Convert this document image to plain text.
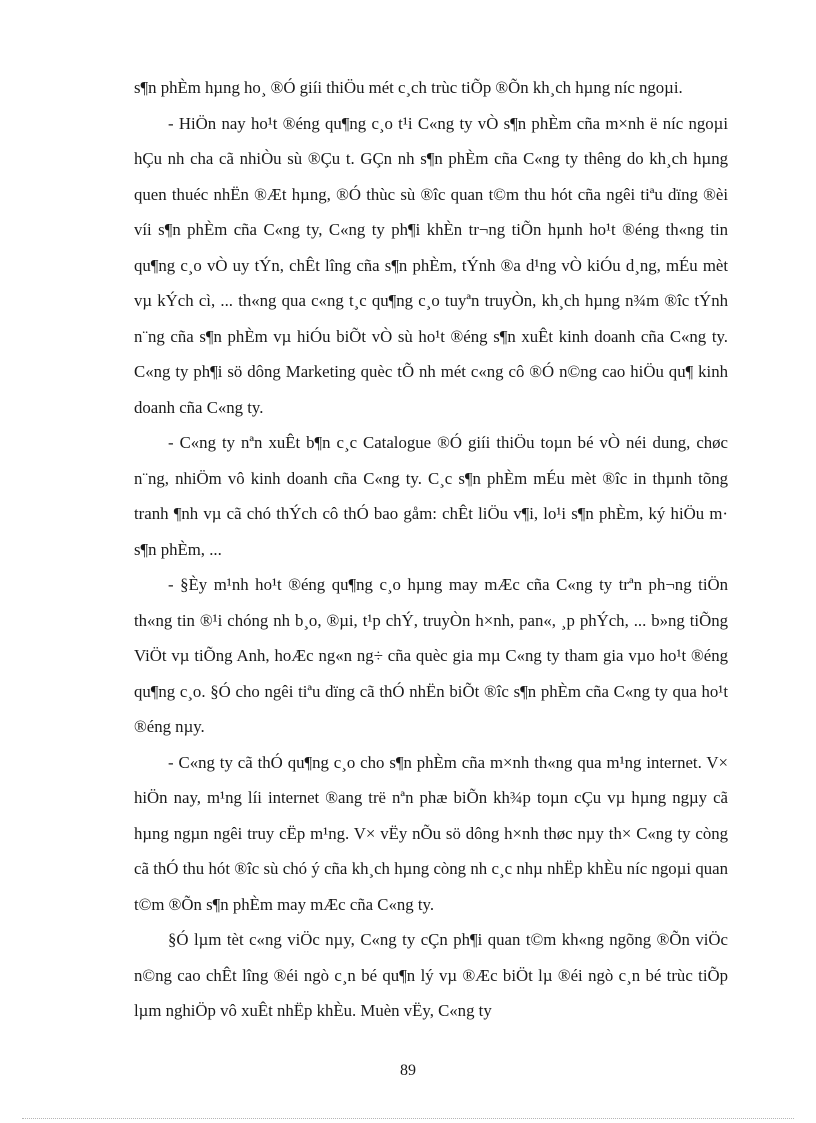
s¶n phÈm hµng ho¸ ®Ó giíi thiÖu mét c¸ch trùc tiÕp ®Õn kh¸ch hµng níc ngoµi.

- HiÖn nay ho¹t ®éng qu¶ng c¸o t¹i C«ng ty vÒ s¶n phÈm cña m×nh ë níc ngoµi hÇu nh cha cã nhiÒu sù ®Çu t. GÇn nh s¶n phÈm cña C«ng ty thêng do kh¸ch hµng quen thuéc nhËn ®Æt hµng, ®Ó thùc sù ®îc quan t©m thu hót cña ngêi tiªu dïng ®èi víi s¶n phÈm cña C«ng ty, C«ng ty ph¶i khÈn tr¬ng tiÕn hµnh ho¹t ®éng th«ng tin qu¶ng c¸o vÒ uy tÝn, chÊt lîng cña s¶n phÈm, tÝnh ®a d¹ng vÒ kiÓu d¸ng, mÉu mèt vµ kÝch cì, ... th«ng qua c«ng t¸c qu¶ng c¸o tuyªn truyÒn, kh¸ch hµng n¾m ®îc tÝnh n¨ng cña s¶n phÈm vµ hiÓu biÕt vÒ sù ho¹t ®éng s¶n xuÊt kinh doanh cña C«ng ty. C«ng ty ph¶i sö dông Marketing quèc tÕ nh mét c«ng cô ®Ó n©ng cao hiÖu qu¶ kinh doanh cña C«ng ty.

- C«ng ty nªn xuÊt b¶n c¸c Catalogue ®Ó giíi thiÖu toµn bé vÒ néi dung, chøc n¨ng, nhiÖm vô kinh doanh cña C«ng ty. C¸c s¶n phÈm mÉu mèt ®îc in thµnh tõng tranh ¶nh vµ cã chó thÝch cô thÓ bao gåm: chÊt liÖu v¶i, lo¹i s¶n phÈm, ký hiÖu m· s¶n phÈm, ...

- §Èy m¹nh ho¹t ®éng qu¶ng c¸o hµng may mÆc cña C«ng ty trªn ph¬ng tiÖn th«ng tin ®¹i chóng nh b¸o, ®µi, t¹p chÝ, truyÒn h×nh, pan«, ¸p phÝch, ... b»ng tiÕng ViÖt vµ tiÕng Anh, hoÆc ng«n ng÷ cña quèc gia mµ C«ng ty tham gia vµo ho¹t ®éng qu¶ng c¸o. §Ó cho ngêi tiªu dïng cã thÓ nhËn biÕt ®îc s¶n phÈm cña C«ng ty qua ho¹t ®éng nµy.

- C«ng ty cã thÓ qu¶ng c¸o cho s¶n phÈm cña m×nh th«ng qua m¹ng internet. V× hiÖn nay, m¹ng líi internet ®ang trë nªn phæ biÕn kh¾p toµn cÇu vµ hµng ngµy cã hµng ngµn ngêi truy cËp m¹ng. V× vËy nÕu sö dông h×nh thøc nµy th× C«ng ty còng cã thÓ thu hót ®îc sù chó ý cña kh¸ch hµng còng nh c¸c nhµ nhËp khÈu níc ngoµi quan t©m ®Õn s¶n phÈm may mÆc cña C«ng ty.

§Ó lµm tèt c«ng viÖc nµy, C«ng ty cÇn ph¶i quan t©m kh«ng ngõng ®Õn viÖc n©ng cao chÊt lîng ®éi ngò c¸n bé qu¶n lý vµ ®Æc biÖt lµ ®éi ngò c¸n bé trùc tiÕp lµm nghiÖp vô xuÊt nhËp khÈu. Muèn vËy, C«ng ty

89
